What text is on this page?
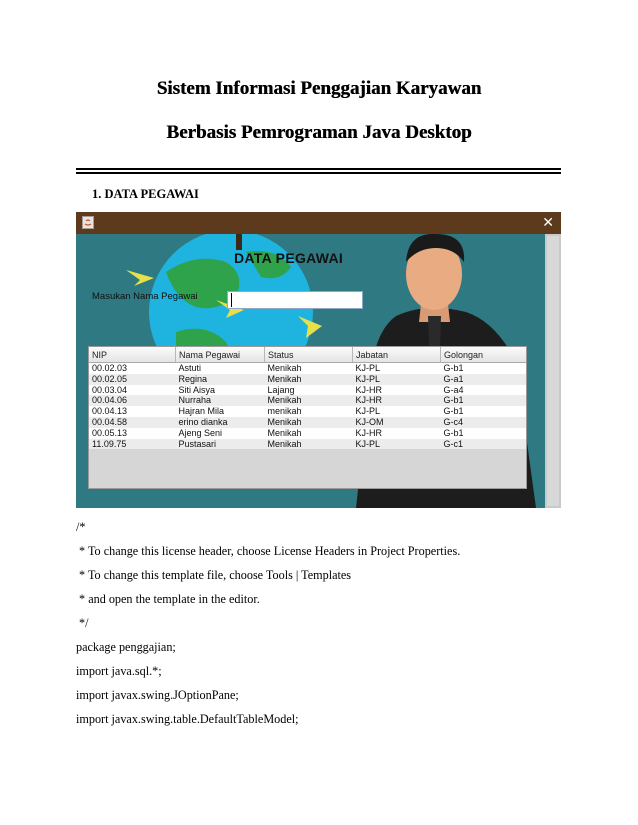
Sistem Informasi Penggajian Karyawan
Berbasis Pemrograman Java Desktop
1. DATA PEGAWAI
✕
DATA PEGAWAI
Masukan Nama Pegawai
NIP	Nama Pegawai	Status	Jabatan	Golongan
00.02.03	Astuti	Menikah	KJ-PL	G-b1
00.02.05	Regina	Menikah	KJ-PL	G-a1
00.03.04	Siti Aisya	Lajang	KJ-HR	G-a4
00.04.06	Nurraha	Menikah	KJ-HR	G-b1
00.04.13	Hajran Mila	menikah	KJ-PL	G-b1
00.04.58	erino dianka	Menikah	KJ-OM	G-c4
00.05.13	Ajeng Seni	Menikah	KJ-HR	G-b1
11.09.75	Pustasari	Menikah	KJ-PL	G-c1
/*
* To change this license header, choose License Headers in Project Properties.
* To change this template file, choose Tools | Templates
* and open the template in the editor.
*/
package penggajian;
import java.sql.*;
import javax.swing.JOptionPane;
import javax.swing.table.DefaultTableModel;
